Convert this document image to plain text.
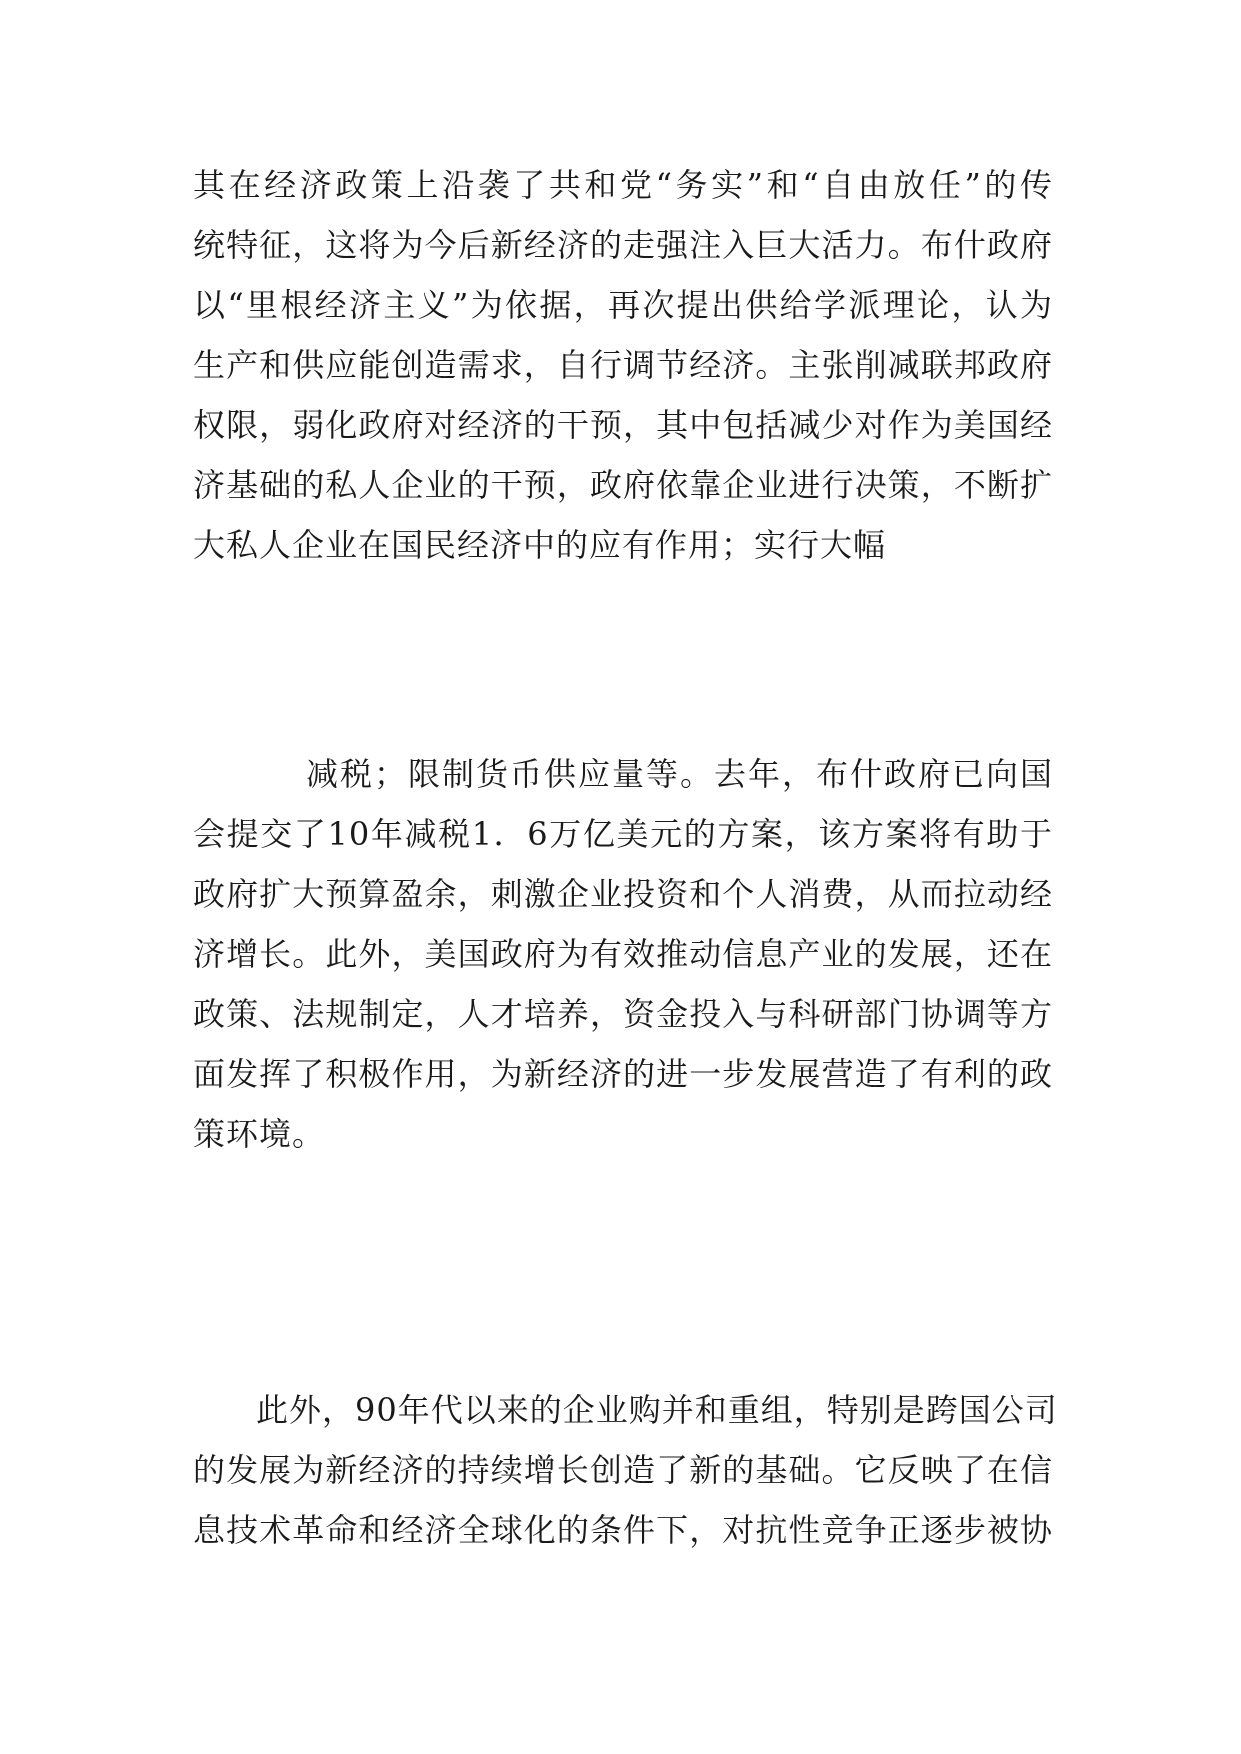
其在经济政策上沿袭了共和党“务实”和“自由放任”的传
统特征，这将为今后新经济的走强注入巨大活力。布什政府
以“里根经济主义”为依据，再次提出供给学派理论，认为
生产和供应能创造需求，自行调节经济。主张削减联邦政府
权限，弱化政府对经济的干预，其中包括减少对作为美国经
济基础的私人企业的干预，政府依靠企业进行决策，不断扩
大私人企业在国民经济中的应有作用；实行大幅
减税；限制货币供应量等。去年，布什政府已向国
会提交了10年减税1．6万亿美元的方案，该方案将有助于
政府扩大预算盈余，刺激企业投资和个人消费，从而拉动经
济增长。此外，美国政府为有效推动信息产业的发展，还在
政策、法规制定，人才培养，资金投入与科研部门协调等方
面发挥了积极作用，为新经济的进一步发展营造了有利的政
策环境。
此外，90年代以来的企业购并和重组，特别是跨国公司
的发展为新经济的持续增长创造了新的基础。它反映了在信
息技术革命和经济全球化的条件下，对抗性竞争正逐步被协
